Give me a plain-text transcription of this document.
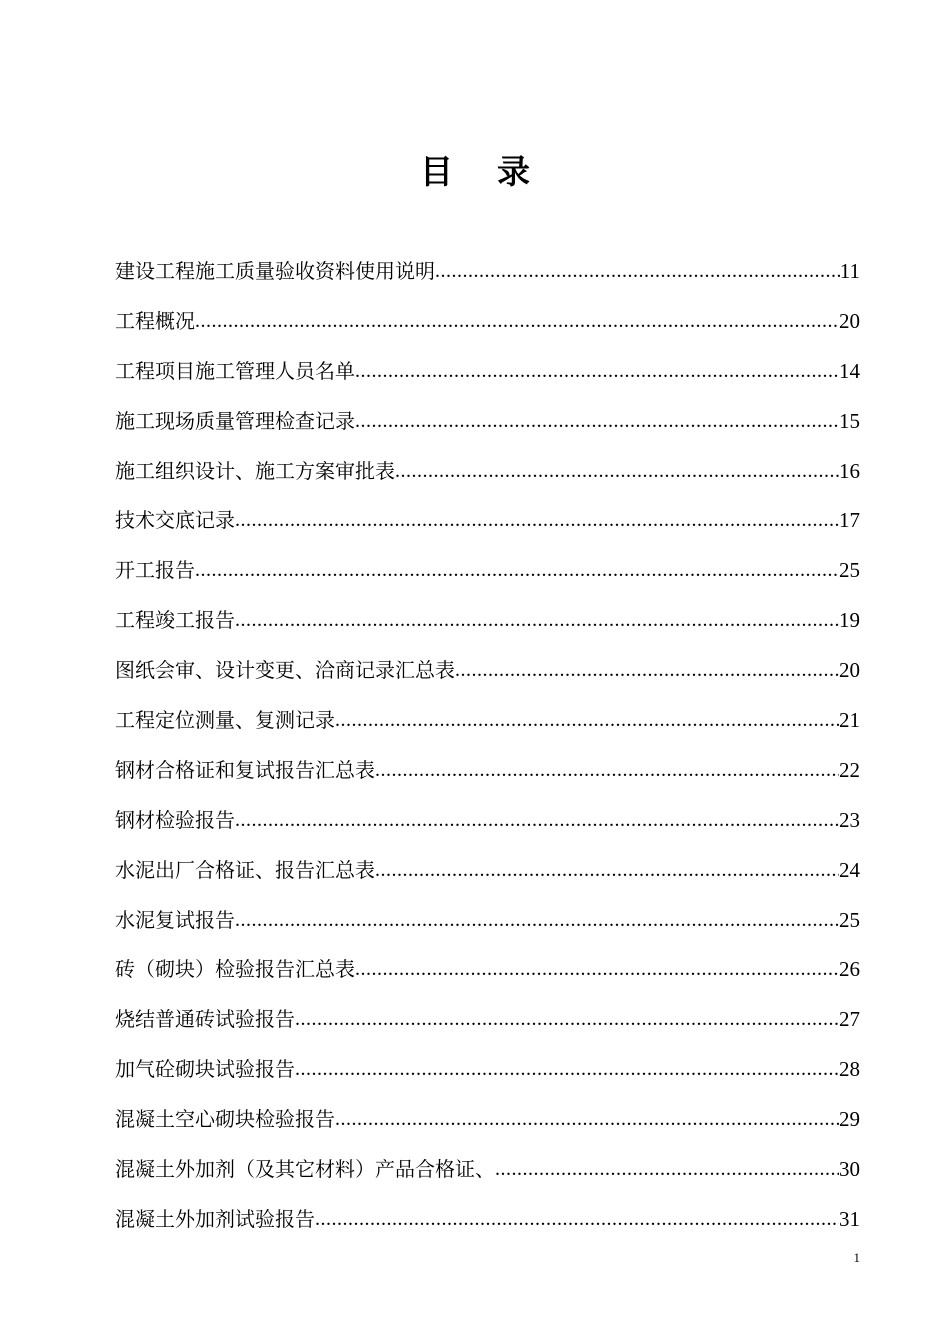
目录
建设工程施工质量验收资料使用说明 .....	11
工程概况 .....	20
工程项目施工管理人员名单 .....	14
施工现场质量管理检查记录 .....	15
施工组织设计、施工方案审批表 .....	16
技术交底记录 .....	17
开工报告 .....	25
工程竣工报告 .....	19
图纸会审、设计变更、洽商记录汇总表 .....	20
工程定位测量、复测记录 .....	21
钢材合格证和复试报告汇总表 .....	22
钢材检验报告 .....	23
水泥出厂合格证、报告汇总表 .....	24
水泥复试报告 .....	25
砖（砌块）检验报告汇总表 .....	26
烧结普通砖试验报告 .....	27
加气砼砌块试验报告 .....	28
混凝土空心砌块检验报告 .....	29
混凝土外加剂（及其它材料）产品合格证、 .....	30
混凝土外加剂试验报告 .....	31
1
